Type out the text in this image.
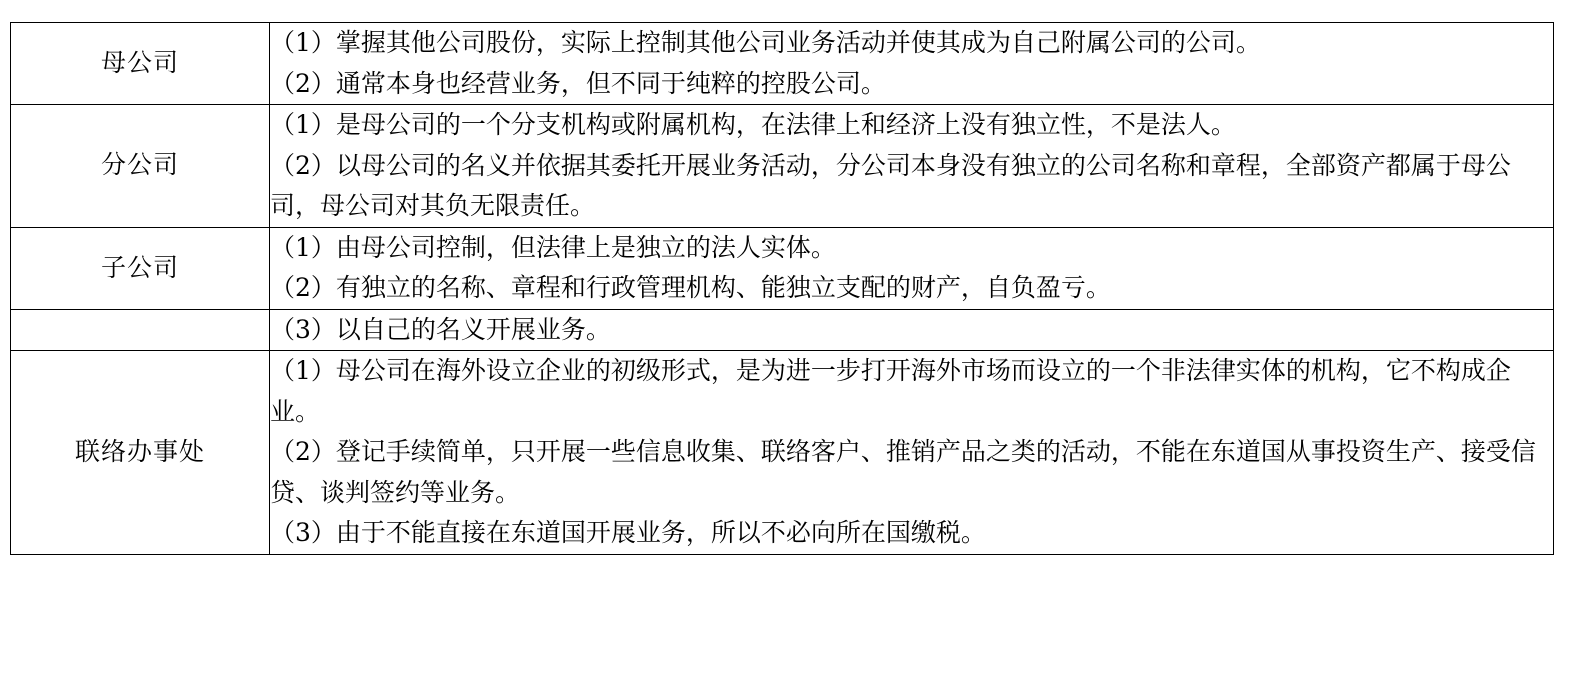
母公司	（1）掌握其他公司股份，实际上控制其他公司业务活动并使其成为自己附属公司的公司。
（2）通常本身也经营业务，但不同于纯粹的控股公司。

分公司	（1）是母公司的一个分支机构或附属机构，在法律上和经济上没有独立性，不是法人。
（2）以母公司的名义并依据其委托开展业务活动，分公司本身没有独立的公司名称和章程，全部资产都属于母公司，母公司对其负无限责任。

子公司	（1）由母公司控制，但法律上是独立的法人实体。
（2）有独立的名称、章程和行政管理机构、能独立支配的财产，自负盈亏。

	（3）以自己的名义开展业务。

联络办事处	（1）母公司在海外设立企业的初级形式，是为进一步打开海外市场而设立的一个非法律实体的机构，它不构成企业。
（2）登记手续简单，只开展一些信息收集、联络客户、推销产品之类的活动，不能在东道国从事投资生产、接受信贷、谈判签约等业务。
（3）由于不能直接在东道国开展业务，所以不必向所在国缴税。
